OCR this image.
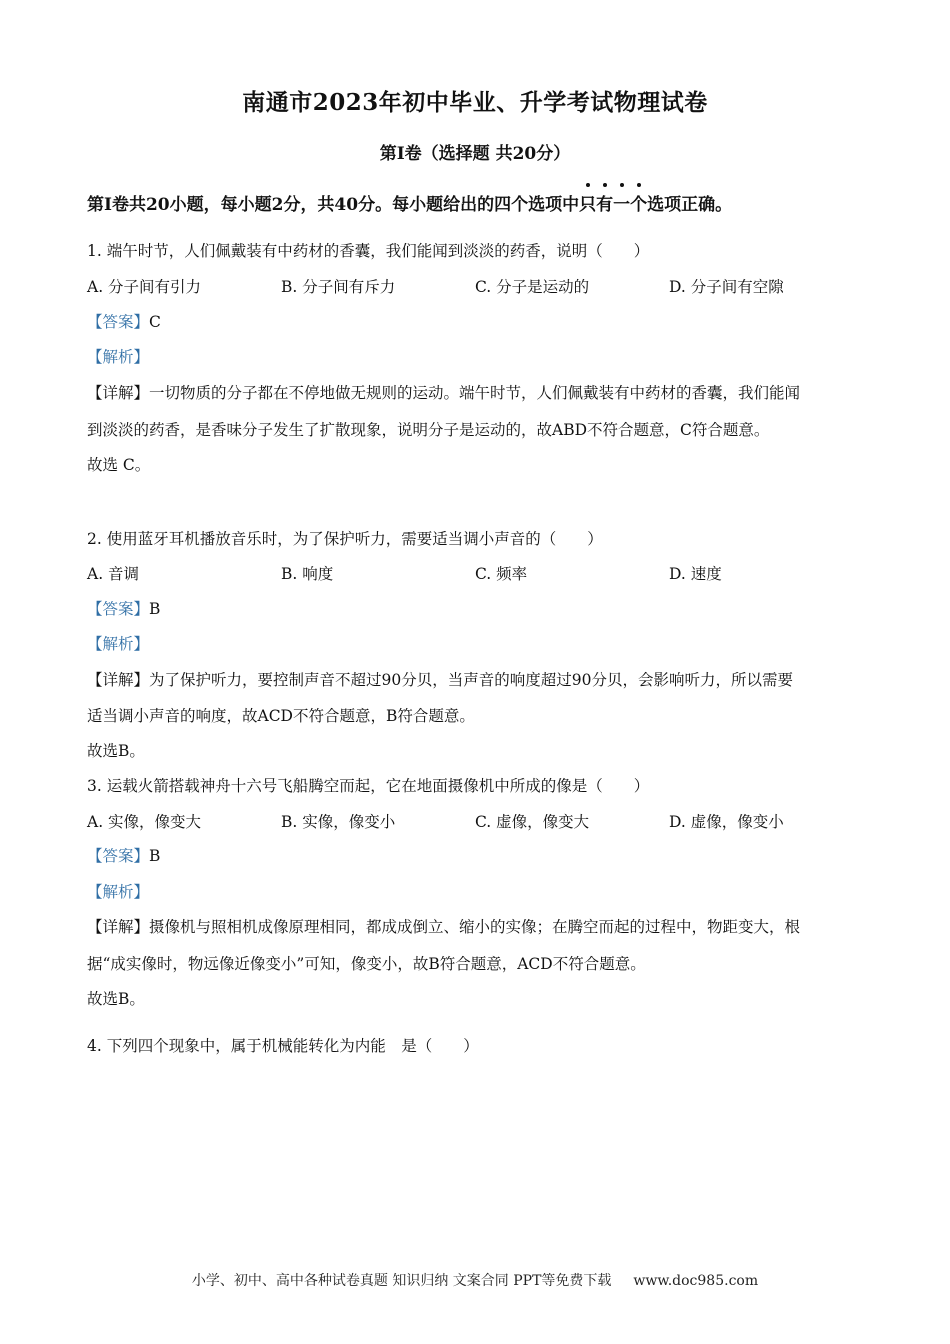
南通市2023年初中毕业、升学考试物理试卷
第Ⅰ卷（选择题 共20分）
第Ⅰ卷共20小题，每小题2分，共40分。每小题给出的四个选项中只有一个选项正确。
1. 端午时节，人们佩戴装有中药材的香囊，我们能闻到淡淡的药香，说明（　　）
A. 分子间有引力	B. 分子间有斥力	C. 分子是运动的	D. 分子间有空隙
【答案】C
【解析】
【详解】一切物质的分子都在不停地做无规则的运动。端午时节，人们佩戴装有中药材的香囊，我们能闻
到淡淡的药香，是香味分子发生了扩散现象，说明分子是运动的，故ABD不符合题意，C符合题意。
故选 C。
2. 使用蓝牙耳机播放音乐时，为了保护听力，需要适当调小声音的（　　）
A. 音调	B. 响度	C. 频率	D. 速度
【答案】B
【解析】
【详解】为了保护听力，要控制声音不超过90分贝，当声音的响度超过90分贝，会影响听力，所以需要
适当调小声音的响度，故ACD不符合题意，B符合题意。
故选B。
3. 运载火箭搭载神舟十六号飞船腾空而起，它在地面摄像机中所成的像是（　　）
A. 实像，像变大	B. 实像，像变小	C. 虚像，像变大	D. 虚像，像变小
【答案】B
【解析】
【详解】摄像机与照相机成像原理相同，都成成倒立、缩小的实像；在腾空而起的过程中，物距变大，根
据“成实像时，物远像近像变小”可知，像变小，故B符合题意，ACD不符合题意。
故选B。
4. 下列四个现象中，属于机械能转化为内能　是（　　）
小学、初中、高中各种试卷真题 知识归纳 文案合同 PPT等免费下载 www.doc985.com
